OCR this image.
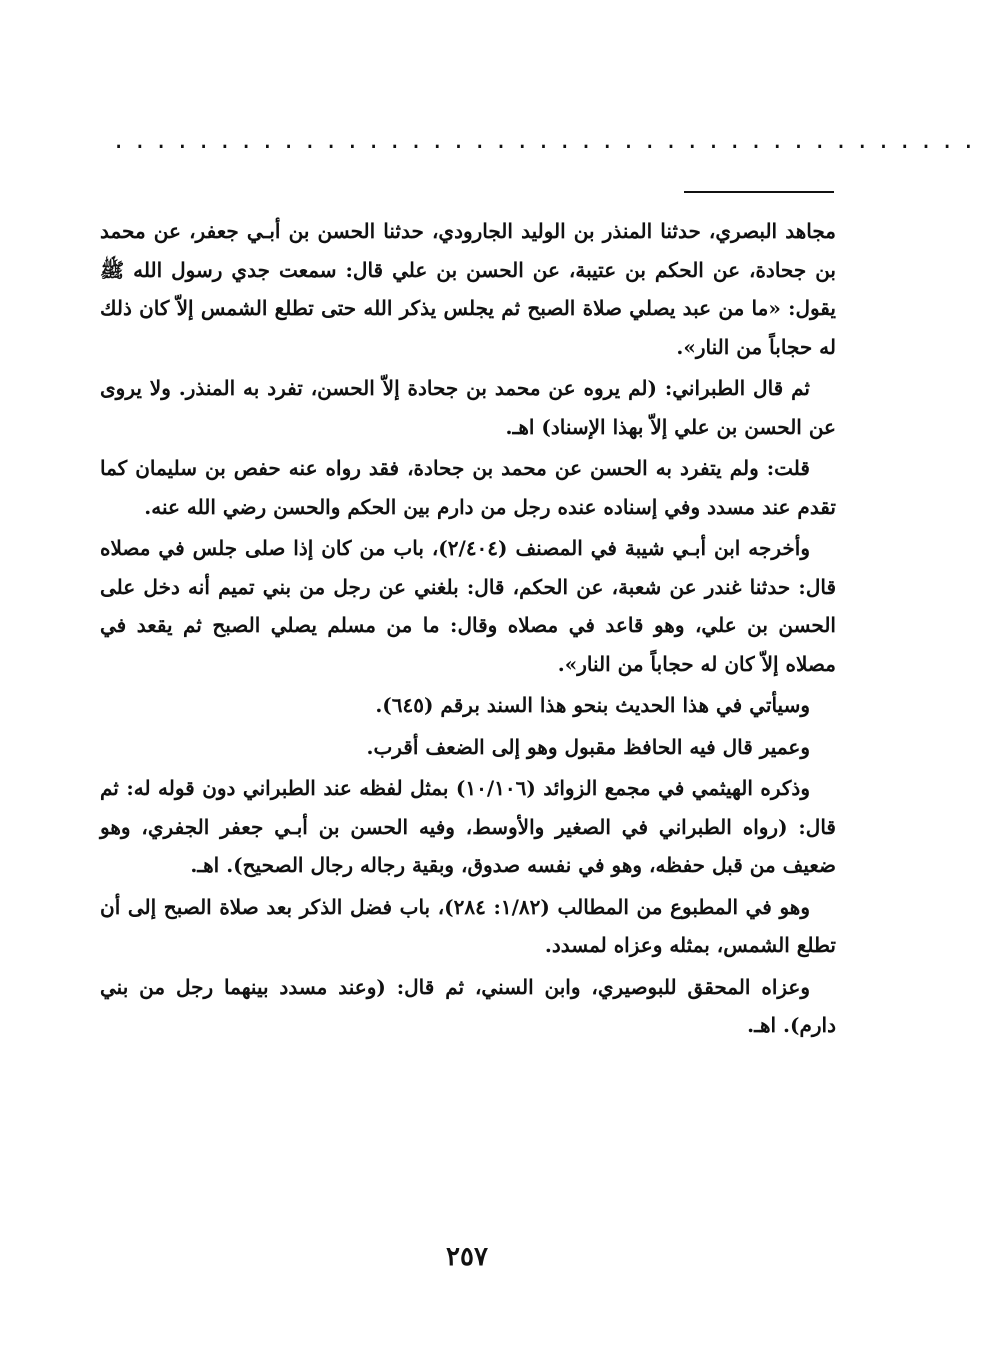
.........................................

مجاهد البصري، حدثنا المنذر بن الوليد الجارودي، حدثنا الحسن بن أبـي جعفر، عن محمد بن جحادة، عن الحكم بن عتيبة، عن الحسن بن علي قال: سمعت جدي رسول الله ﷺ يقول: «ما من عبد يصلي صلاة الصبح ثم يجلس يذكر الله حتى تطلع الشمس إلاّ كان ذلك له حجاباً من النار».

ثم قال الطبراني: (لم يروه عن محمد بن جحادة إلاّ الحسن، تفرد به المنذر. ولا يروى عن الحسن بن علي إلاّ بهذا الإسناد) اهـ.

قلت: ولم يتفرد به الحسن عن محمد بن جحادة، فقد رواه عنه حفص بن سليمان كما تقدم عند مسدد وفي إسناده عنده رجل من دارم بين الحكم والحسن رضي الله عنه.

وأخرجه ابن أبـي شيبة في المصنف (٢/٤٠٤)، باب من كان إذا صلى جلس في مصلاه قال: حدثنا غندر عن شعبة، عن الحكم، قال: بلغني عن رجل من بني تميم أنه دخل على الحسن بن علي، وهو قاعد في مصلاه وقال: ما من مسلم يصلي الصبح ثم يقعد في مصلاه إلاّ كان له حجاباً من النار».

وسيأتي في هذا الحديث بنحو هذا السند برقم (٦٤٥).

وعمير قال فيه الحافظ مقبول وهو إلى الضعف أقرب.

وذكره الهيثمي في مجمع الزوائد (١٠/١٠٦) بمثل لفظه عند الطبراني دون قوله له: ثم قال: (رواه الطبراني في الصغير والأوسط، وفيه الحسن بن أبـي جعفر الجفري، وهو ضعيف من قبل حفظه، وهو في نفسه صدوق، وبقية رجاله رجال الصحيح). اهـ.

وهو في المطبوع من المطالب (١/٨٢: ٢٨٤)، باب فضل الذكر بعد صلاة الصبح إلى أن تطلع الشمس، بمثله وعزاه لمسدد.

وعزاه المحقق للبوصيري، وابن السني، ثم قال: (وعند مسدد بينهما رجل من بني دارم). اهـ.

٢٥٧
